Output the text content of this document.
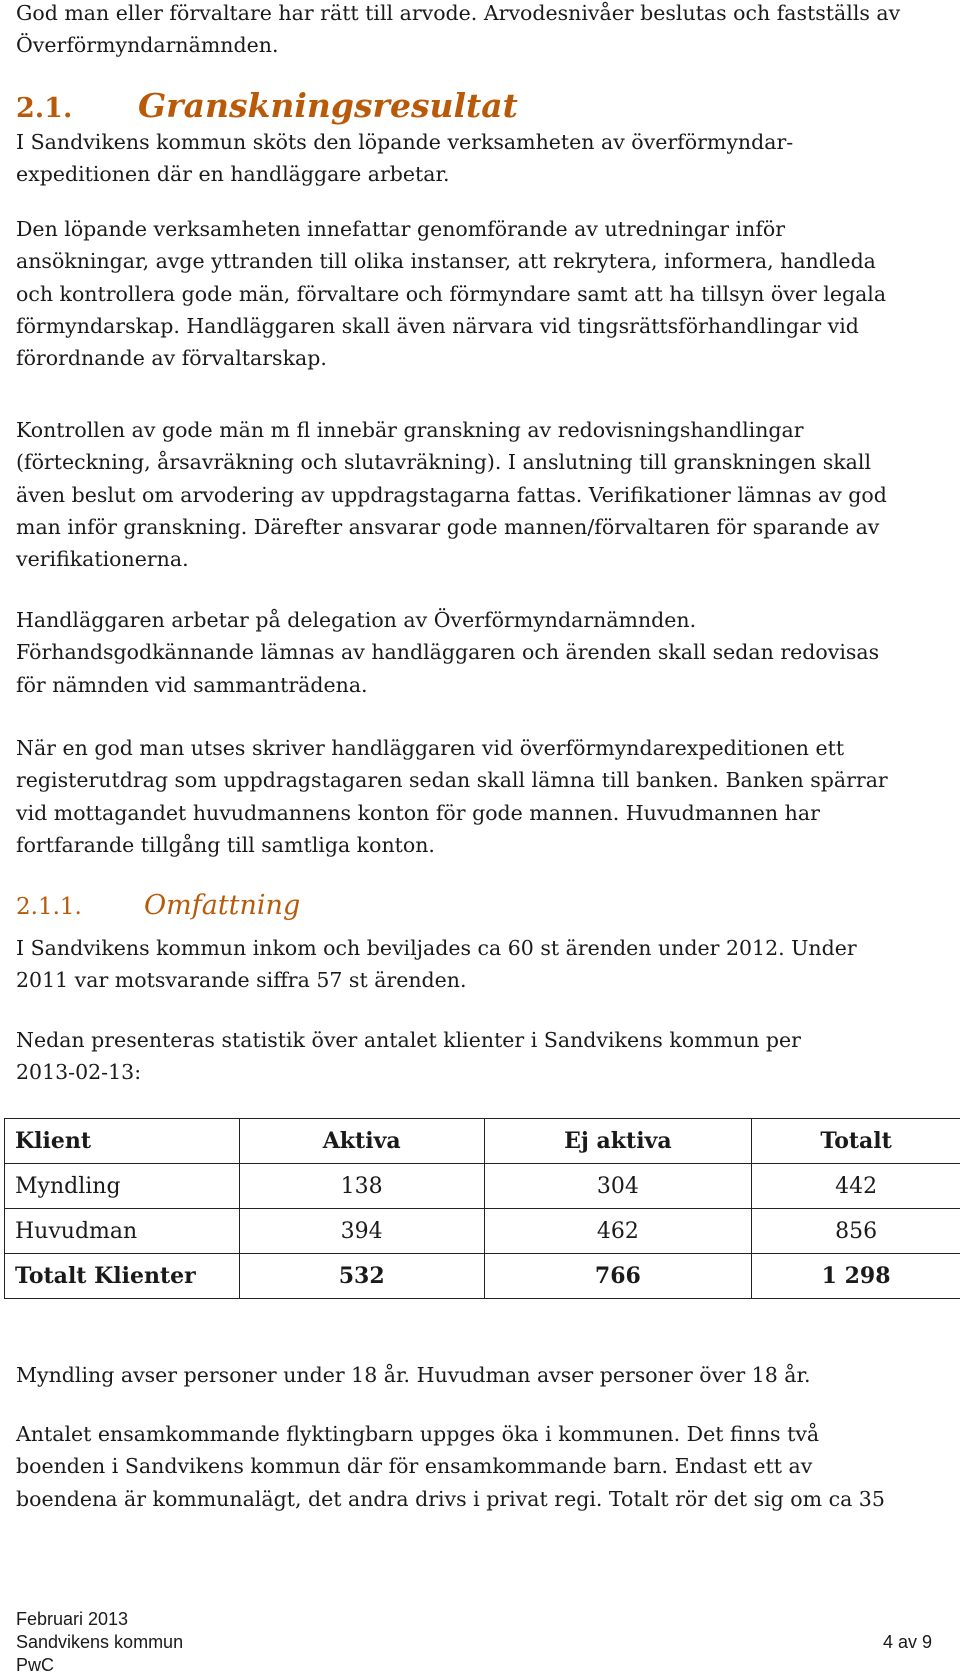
God man eller förvaltare har rätt till arvode. Arvodesnivåer beslutas och fastställs av
Överförmyndarnämnden.

2.1. Granskningsresultat

I Sandvikens kommun sköts den löpande verksamheten av överförmyndar-
expeditionen där en handläggare arbetar.

Den löpande verksamheten innefattar genomförande av utredningar inför
ansökningar, avge yttranden till olika instanser, att rekrytera, informera, handleda
och kontrollera gode män, förvaltare och förmyndare samt att ha tillsyn över legala
förmyndarskap. Handläggaren skall även närvara vid tingsrättsförhandlingar vid
förordnande av förvaltarskap.

Kontrollen av gode män m fl innebär granskning av redovisningshandlingar
(förteckning, årsavräkning och slutavräkning). I anslutning till granskningen skall
även beslut om arvodering av uppdragstagarna fattas. Verifikationer lämnas av god
man inför granskning. Därefter ansvarar gode mannen/förvaltaren för sparande av
verifikationerna.

Handläggaren arbetar på delegation av Överförmyndarnämnden.
Förhandsgodkännande lämnas av handläggaren och ärenden skall sedan redovisas
för nämnden vid sammanträdena.

När en god man utses skriver handläggaren vid överförmyndarexpeditionen ett
registerutdrag som uppdragstagaren sedan skall lämna till banken. Banken spärrar
vid mottagandet huvudmannens konton för gode mannen. Huvudmannen har
fortfarande tillgång till samtliga konton.

2.1.1. Omfattning

I Sandvikens kommun inkom och beviljades ca 60 st ärenden under 2012. Under
2011 var motsvarande siffra 57 st ärenden.

Nedan presenteras statistik över antalet klienter i Sandvikens kommun per
2013-02-13:

Klient	Aktiva	Ej aktiva	Totalt
Myndling	138	304	442
Huvudman	394	462	856
Totalt Klienter	532	766	1 298

Myndling avser personer under 18 år. Huvudman avser personer över 18 år.

Antalet ensamkommande flyktingbarn uppges öka i kommunen. Det finns två
boenden i Sandvikens kommun där för ensamkommande barn. Endast ett av
boendena är kommunalägt, det andra drivs i privat regi. Totalt rör det sig om ca 35

Februari 2013
Sandvikens kommun
PwC
4 av 9
